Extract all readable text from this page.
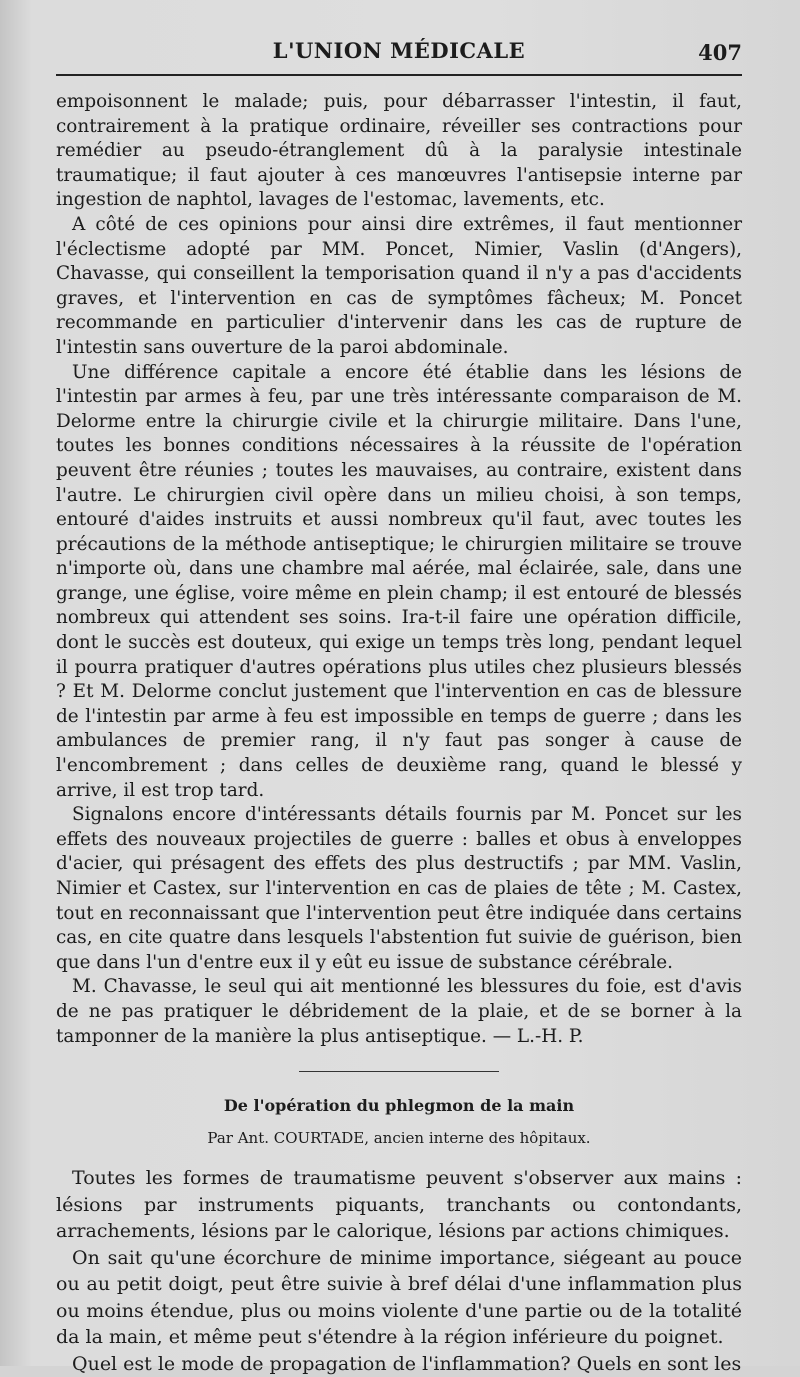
L'UNION MÉDICALE	407

empoisonnent le malade; puis, pour débarrasser l'intestin, il faut, contrairement à la pratique ordinaire, réveiller ses contractions pour remédier au pseudo-étranglement dû à la paralysie intestinale traumatique; il faut ajouter à ces manœuvres l'antisepsie interne par ingestion de naphtol, lavages de l'estomac, lavements, etc.

A côté de ces opinions pour ainsi dire extrêmes, il faut mentionner l'éclectisme adopté par MM. Poncet, Nimier, Vaslin (d'Angers), Chavasse, qui conseillent la temporisation quand il n'y a pas d'accidents graves, et l'intervention en cas de symptômes fâcheux; M. Poncet recommande en particulier d'intervenir dans les cas de rupture de l'intestin sans ouverture de la paroi abdominale.

Une différence capitale a encore été établie dans les lésions de l'intestin par armes à feu, par une très intéressante comparaison de M. Delorme entre la chirurgie civile et la chirurgie militaire. Dans l'une, toutes les bonnes conditions nécessaires à la réussite de l'opération peuvent être réunies ; toutes les mauvaises, au contraire, existent dans l'autre. Le chirurgien civil opère dans un milieu choisi, à son temps, entouré d'aides instruits et aussi nombreux qu'il faut, avec toutes les précautions de la méthode antiseptique; le chirurgien militaire se trouve n'importe où, dans une chambre mal aérée, mal éclairée, sale, dans une grange, une église, voire même en plein champ; il est entouré de blessés nombreux qui attendent ses soins. Ira-t-il faire une opération difficile, dont le succès est douteux, qui exige un temps très long, pendant lequel il pourra pratiquer d'autres opérations plus utiles chez plusieurs blessés ? Et M. Delorme conclut justement que l'intervention en cas de blessure de l'intestin par arme à feu est impossible en temps de guerre ; dans les ambulances de premier rang, il n'y faut pas songer à cause de l'encombrement ; dans celles de deuxième rang, quand le blessé y arrive, il est trop tard.

Signalons encore d'intéressants détails fournis par M. Poncet sur les effets des nouveaux projectiles de guerre : balles et obus à enveloppes d'acier, qui présagent des effets des plus destructifs ; par MM. Vaslin, Nimier et Castex, sur l'intervention en cas de plaies de tête ; M. Castex, tout en reconnaissant que l'intervention peut être indiquée dans certains cas, en cite quatre dans lesquels l'abstention fut suivie de guérison, bien que dans l'un d'entre eux il y eût eu issue de substance cérébrale.

M. Chavasse, le seul qui ait mentionné les blessures du foie, est d'avis de ne pas pratiquer le débridement de la plaie, et de se borner à la tamponner de la manière la plus antiseptique. — L.-H. P.

De l'opération du phlegmon de la main
Par Ant. COURTADE, ancien interne des hôpitaux.

Toutes les formes de traumatisme peuvent s'observer aux mains : lésions par instruments piquants, tranchants ou contondants, arrachements, lésions par le calorique, lésions par actions chimiques.

On sait qu'une écorchure de minime importance, siégeant au pouce ou au petit doigt, peut être suivie à bref délai d'une inflammation plus ou moins étendue, plus ou moins violente d'une partie ou de la totalité da la main, et même peut s'étendre à la région inférieure du poignet.

Quel est le mode de propagation de l'inflammation? Quels en sont les
